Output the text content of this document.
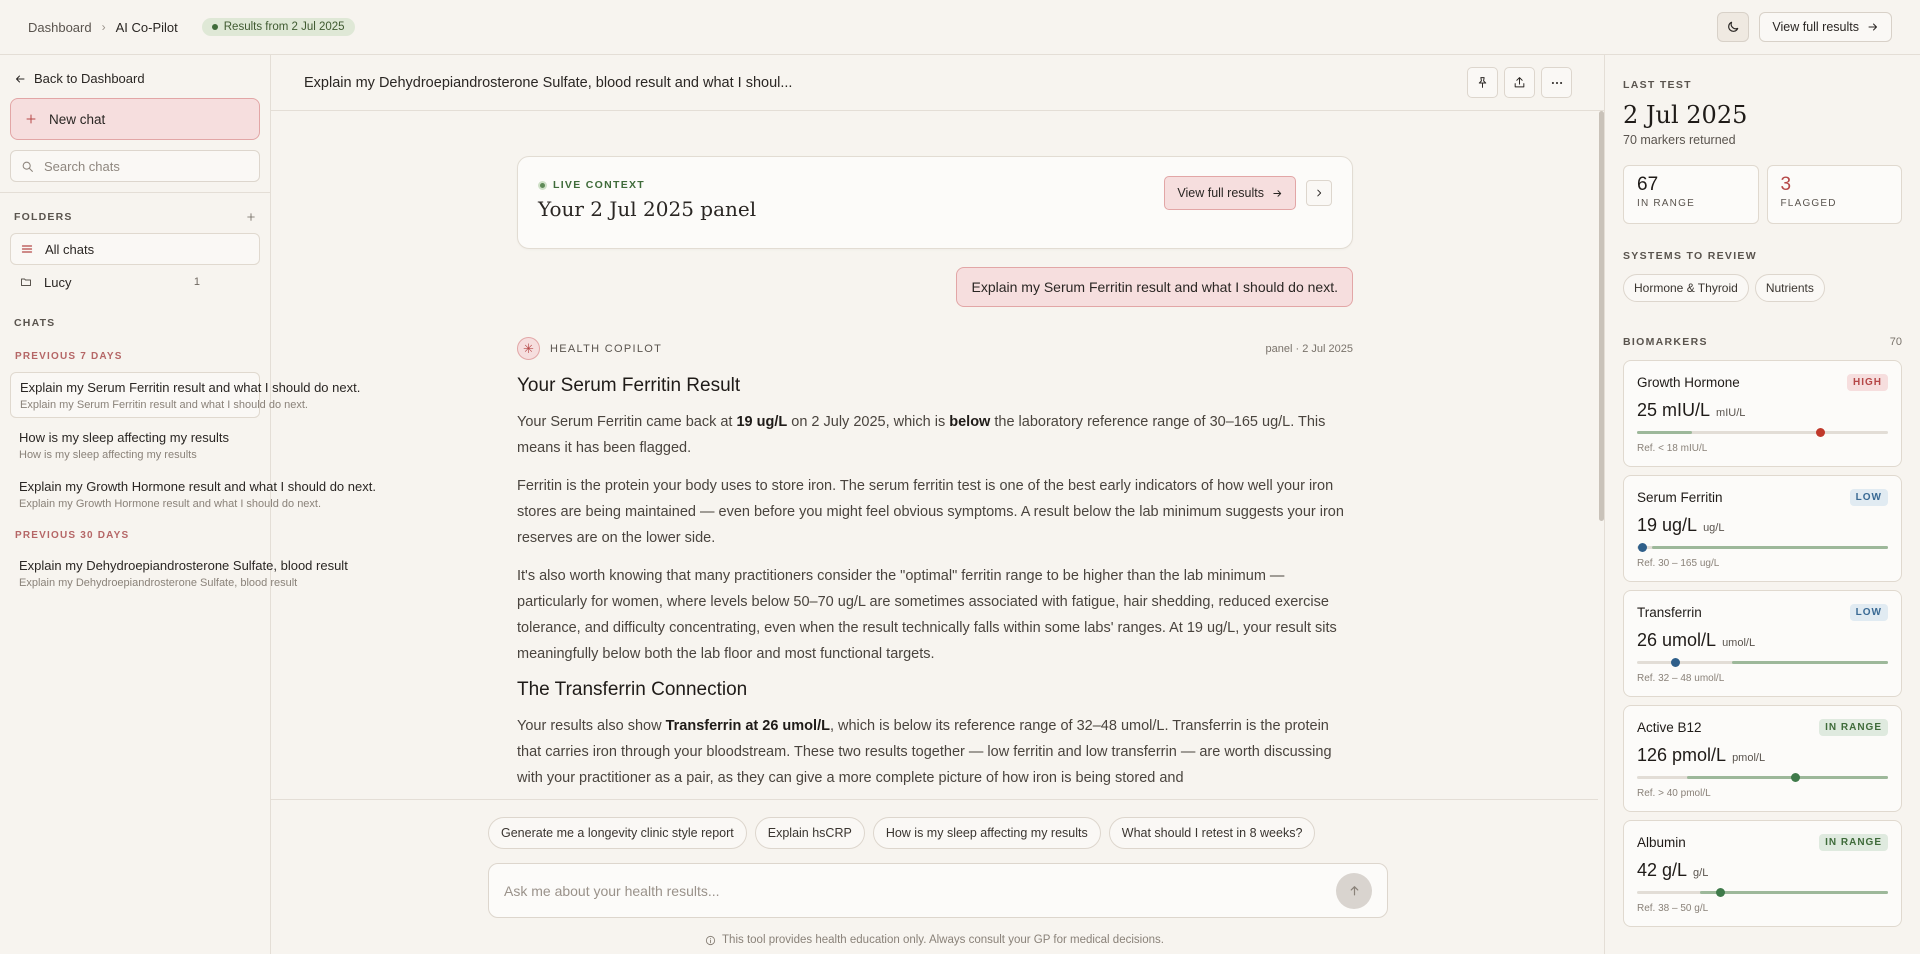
Dashboard › AI Co-Pilot	Results from 2 Jul 2025	View full results
Back to Dashboard
New chat
Search chats
FOLDERS
All chats
Lucy	1
CHATS
PREVIOUS 7 DAYS
Explain my Serum Ferritin result and what I should do next.
Explain my Serum Ferritin result and what I should do next.
How is my sleep affecting my results
How is my sleep affecting my results
Explain my Growth Hormone result and what I should do next.
Explain my Growth Hormone result and what I should do next.
PREVIOUS 30 DAYS
Explain my Dehydroepiandrosterone Sulfate, blood result
Explain my Dehydroepiandrosterone Sulfate, blood result
Explain my Dehydroepiandrosterone Sulfate, blood result and what I shoul...
LIVE CONTEXT
Your 2 Jul 2025 panel
View full results
Explain my Serum Ferritin result and what I should do next.
✳	HEALTH COPILOT	panel · 2 Jul 2025
Your Serum Ferritin Result

Your Serum Ferritin came back at 19 ug/L on 2 July 2025, which is below the laboratory reference range of 30–165 ug/L. This means it has been flagged.

Ferritin is the protein your body uses to store iron. The serum ferritin test is one of the best early indicators of how well your iron stores are being maintained — even before you might feel obvious symptoms. A result below the lab minimum suggests your iron reserves are on the lower side.

It's also worth knowing that many practitioners consider the "optimal" ferritin range to be higher than the lab minimum — particularly for women, where levels below 50–70 ug/L are sometimes associated with fatigue, hair shedding, reduced exercise tolerance, and difficulty concentrating, even when the result technically falls within some labs' ranges. At 19 ug/L, your result sits meaningfully below both the lab floor and most functional targets.

The Transferrin Connection

Your results also show Transferrin at 26 umol/L, which is below its reference range of 32–48 umol/L. Transferrin is the protein that carries iron through your bloodstream. These two results together — low ferritin and low transferrin — are worth discussing with your practitioner as a pair, as they can give a more complete picture of how iron is being stored and

Generate me a longevity clinic style report	Explain hsCRP	How is my sleep affecting my results	What should I retest in 8 weeks?
Ask me about your health results...
This tool provides health education only. Always consult your GP for medical decisions.
LAST TEST
2 Jul 2025
70 markers returned
67
IN RANGE
3
FLAGGED
SYSTEMS TO REVIEW
Hormone & Thyroid	Nutrients
BIOMARKERS	70
Growth Hormone	HIGH
25 mIU/L mIU/L
Ref. < 18 mIU/L
Serum Ferritin	LOW
19 ug/L ug/L
Ref. 30 – 165 ug/L
Transferrin	LOW
26 umol/L umol/L
Ref. 32 – 48 umol/L
Active B12	IN RANGE
126 pmol/L pmol/L
Ref. > 40 pmol/L
Albumin	IN RANGE
42 g/L g/L
Ref. 38 – 50 g/L
